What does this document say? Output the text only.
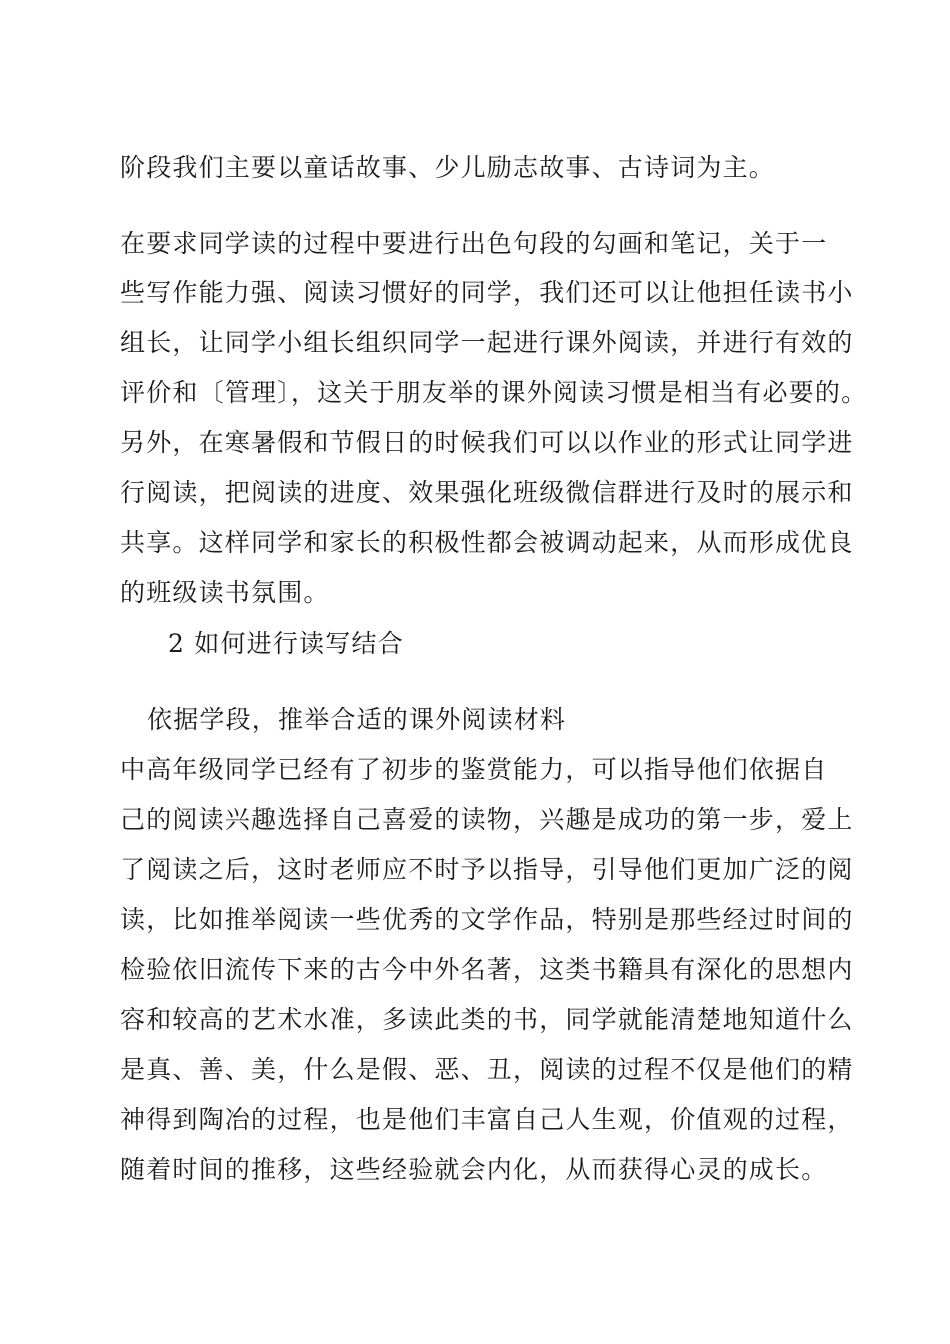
阶段我们主要以童话故事、少儿励志故事、古诗词为主。
在要求同学读的过程中要进行出色句段的勾画和笔记，关于一
些写作能力强、阅读习惯好的同学，我们还可以让他担任读书小
组长，让同学小组长组织同学一起进行课外阅读，并进行有效的
评价和〔管理〕，这关于朋友举的课外阅读习惯是相当有必要的。
另外，在寒暑假和节假日的时候我们可以以作业的形式让同学进
行阅读，把阅读的进度、效果强化班级微信群进行及时的展示和
共享。这样同学和家长的积极性都会被调动起来，从而形成优良
的班级读书氛围。
2 如何进行读写结合
依据学段，推举合适的课外阅读材料
中高年级同学已经有了初步的鉴赏能力，可以指导他们依据自
己的阅读兴趣选择自己喜爱的读物，兴趣是成功的第一步，爱上
了阅读之后，这时老师应不时予以指导，引导他们更加广泛的阅
读，比如推举阅读一些优秀的文学作品，特别是那些经过时间的
检验依旧流传下来的古今中外名著，这类书籍具有深化的思想内
容和较高的艺术水准，多读此类的书，同学就能清楚地知道什么
是真、善、美，什么是假、恶、丑，阅读的过程不仅是他们的精
神得到陶冶的过程，也是他们丰富自己人生观，价值观的过程，
随着时间的推移，这些经验就会内化，从而获得心灵的成长。
